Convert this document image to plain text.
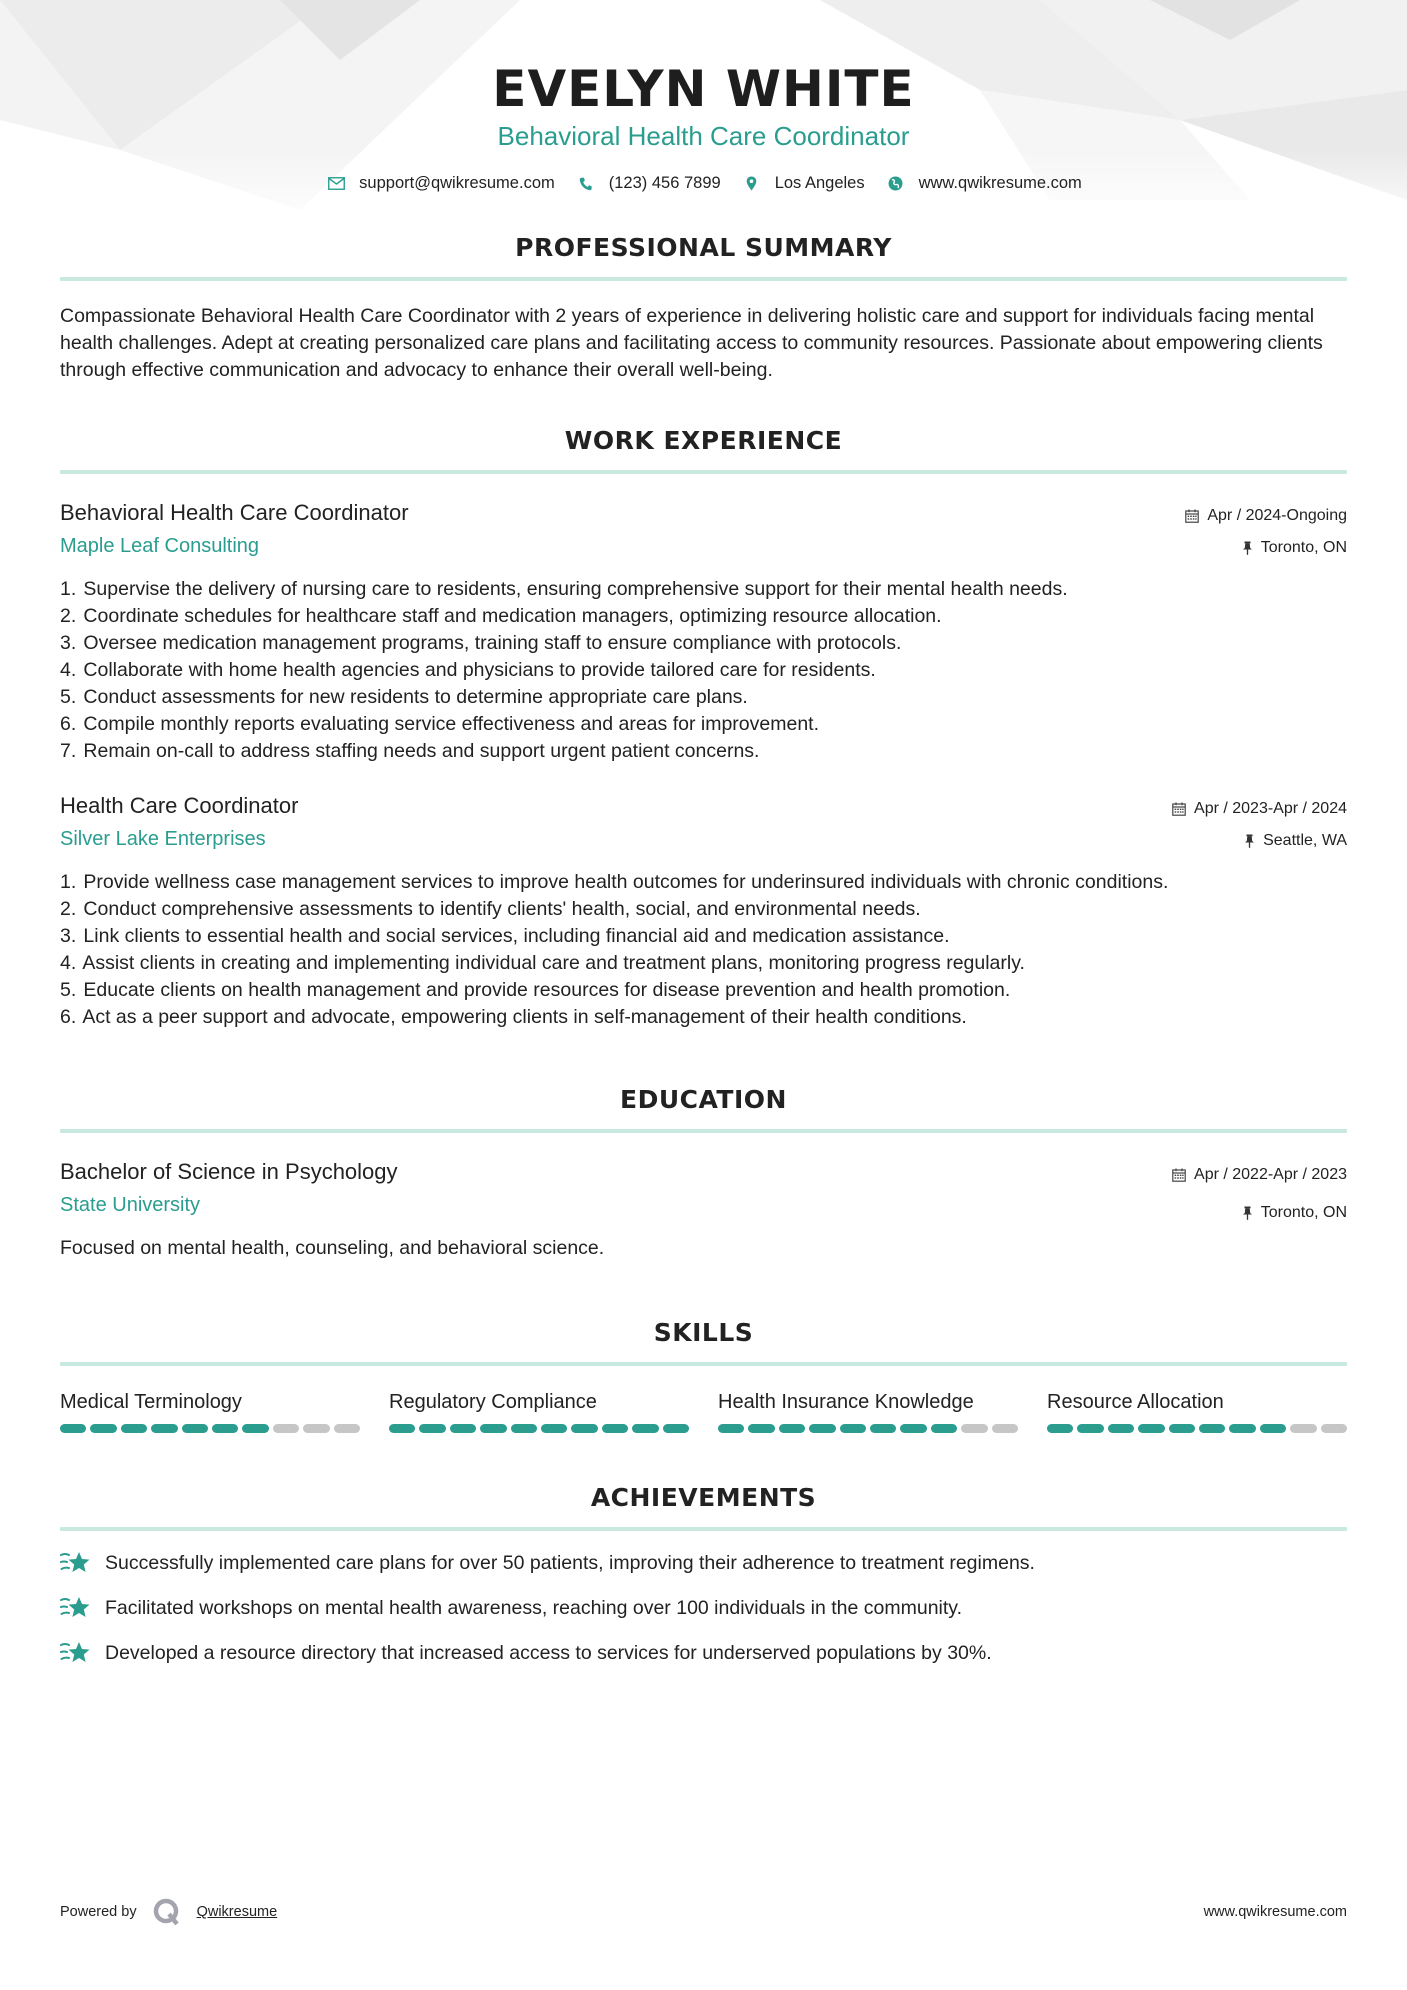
EVELYN WHITE
Behavioral Health Care Coordinator
support@qwikresume.com	(123) 456 7899	Los Angeles	www.qwikresume.com
PROFESSIONAL SUMMARY

Compassionate Behavioral Health Care Coordinator with 2 years of experience in delivering holistic care and support for individuals facing mental health challenges. Adept at creating personalized care plans and facilitating access to community resources. Passionate about empowering clients through effective communication and advocacy to enhance their overall well-being.

WORK EXPERIENCE
Behavioral Health Care Coordinator
Maple Leaf Consulting
Apr / 2024-Ongoing
Toronto, ON
1. Supervise the delivery of nursing care to residents, ensuring comprehensive support for their mental health needs.
2. Coordinate schedules for healthcare staff and medication managers, optimizing resource allocation.
3. Oversee medication management programs, training staff to ensure compliance with protocols.
4. Collaborate with home health agencies and physicians to provide tailored care for residents.
5. Conduct assessments for new residents to determine appropriate care plans.
6. Compile monthly reports evaluating service effectiveness and areas for improvement.
7. Remain on-call to address staffing needs and support urgent patient concerns.
Health Care Coordinator
Silver Lake Enterprises
Apr / 2023-Apr / 2024
Seattle, WA
1. Provide wellness case management services to improve health outcomes for underinsured individuals with chronic conditions.
2. Conduct comprehensive assessments to identify clients' health, social, and environmental needs.
3. Link clients to essential health and social services, including financial aid and medication assistance.
4. Assist clients in creating and implementing individual care and treatment plans, monitoring progress regularly.
5. Educate clients on health management and provide resources for disease prevention and health promotion.
6. Act as a peer support and advocate, empowering clients in self-management of their health conditions.
EDUCATION
Bachelor of Science in Psychology
State University
Apr / 2022-Apr / 2023
Toronto, ON

Focused on mental health, counseling, and behavioral science.

SKILLS
Medical Terminology	Regulatory Compliance	Health Insurance Knowledge	Resource Allocation
ACHIEVEMENTS
Successfully implemented care plans for over 50 patients, improving their adherence to treatment regimens.
Facilitated workshops on mental health awareness, reaching over 100 individuals in the community.
Developed a resource directory that increased access to services for underserved populations by 30%.
Powered by	Qwikresume	www.qwikresume.com
